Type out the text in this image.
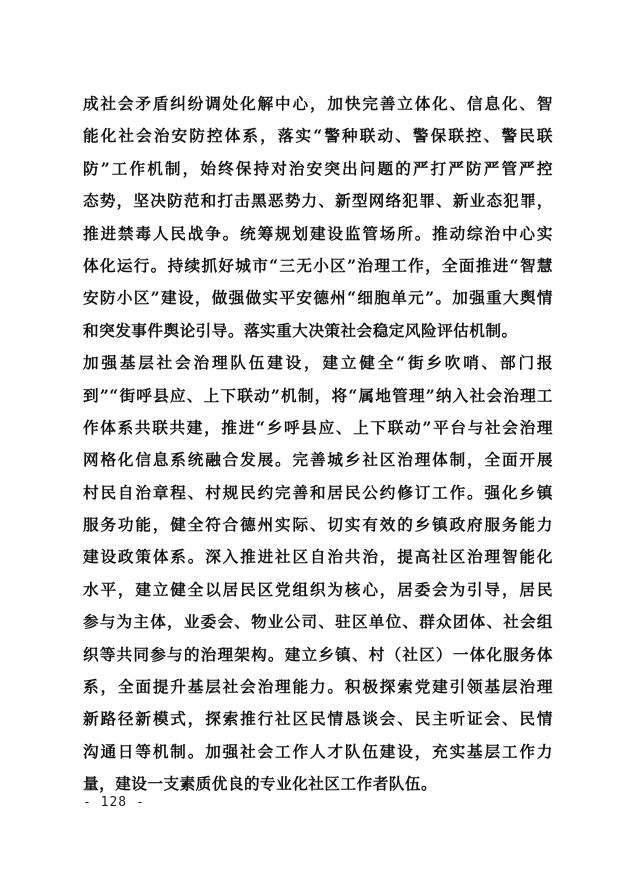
成社会矛盾纠纷调处化解中心，加快完善立体化、信息化、智
能化社会治安防控体系，落实“警种联动、警保联控、警民联
防”工作机制，始终保持对治安突出问题的严打严防严管严控
态势，坚决防范和打击黑恶势力、新型网络犯罪、新业态犯罪，
推进禁毒人民战争。统筹规划建设监管场所。推动综治中心实
体化运行。持续抓好城市“三无小区”治理工作，全面推进“智慧
安防小区”建设，做强做实平安德州“细胞单元”。加强重大舆情
和突发事件舆论引导。落实重大决策社会稳定风险评估机制。
加强基层社会治理队伍建设，建立健全“街乡吹哨、部门报
到”“街呼县应、上下联动”机制，将“属地管理”纳入社会治理工
作体系共联共建，推进“乡呼县应、上下联动”平台与社会治理
网格化信息系统融合发展。完善城乡社区治理体制，全面开展
村民自治章程、村规民约完善和居民公约修订工作。强化乡镇
服务功能，健全符合德州实际、切实有效的乡镇政府服务能力
建设政策体系。深入推进社区自治共治，提高社区治理智能化
水平，建立健全以居民区党组织为核心，居委会为引导，居民
参与为主体，业委会、物业公司、驻区单位、群众团体、社会组
织等共同参与的治理架构。建立乡镇、村（社区）一体化服务体
系，全面提升基层社会治理能力。积极探索党建引领基层治理
新路径新模式，探索推行社区民情恳谈会、民主听证会、民情
沟通日等机制。加强社会工作人才队伍建设，充实基层工作力
量，建设一支素质优良的专业化社区工作者队伍。
- 128 -
